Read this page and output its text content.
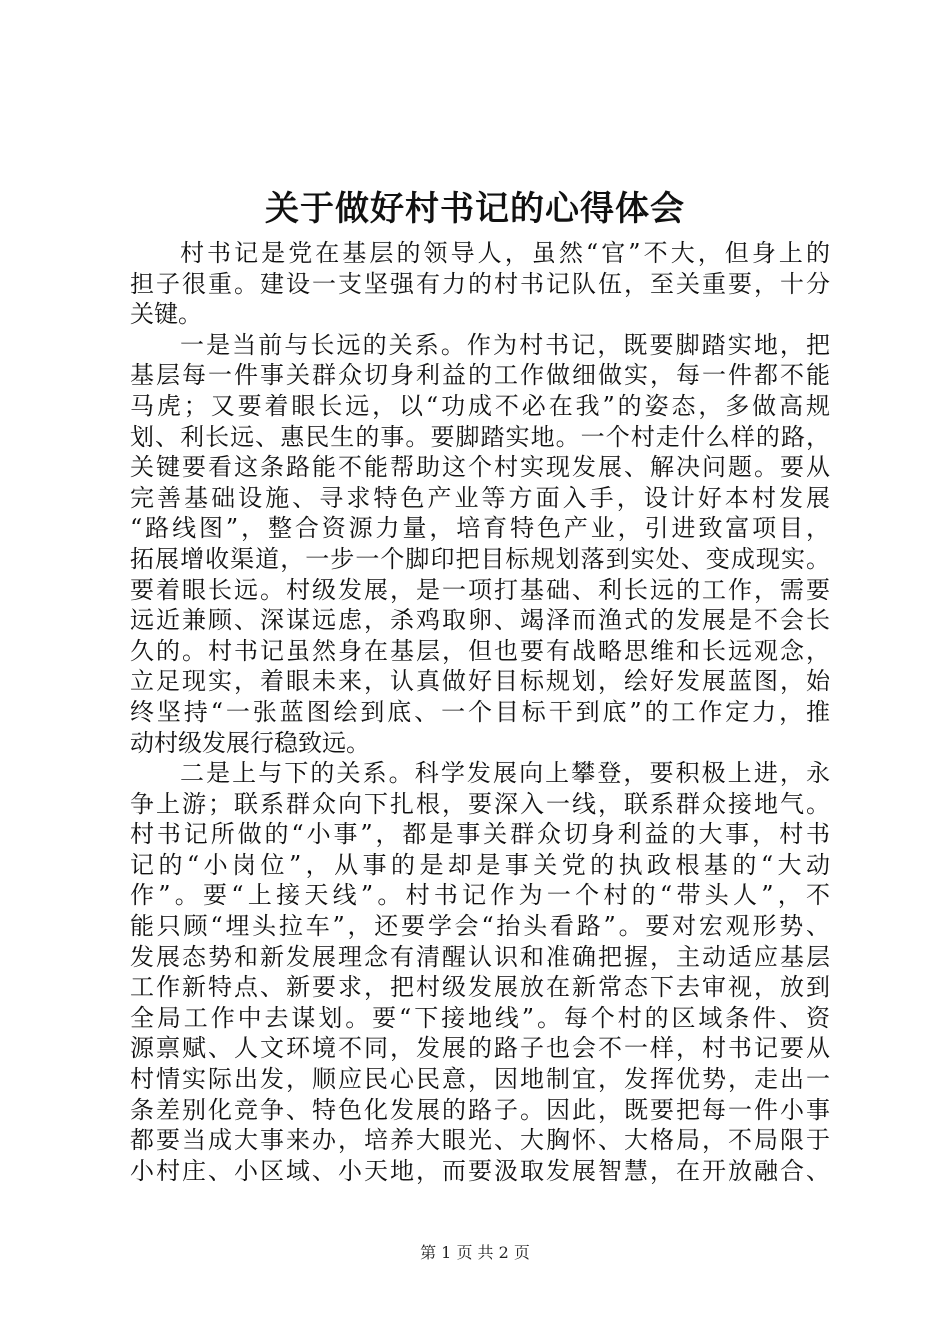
关于做好村书记的心得体会
村书记是党在基层的领导人，虽然“官”不大，但身上的
担子很重。建设一支坚强有力的村书记队伍，至关重要，十分
关键。
一是当前与长远的关系。作为村书记，既要脚踏实地，把
基层每一件事关群众切身利益的工作做细做实，每一件都不能
马虎；又要着眼长远，以“功成不必在我”的姿态，多做高规
划、利长远、惠民生的事。要脚踏实地。一个村走什么样的路，
关键要看这条路能不能帮助这个村实现发展、解决问题。要从
完善基础设施、寻求特色产业等方面入手，设计好本村发展
“路线图”，整合资源力量，培育特色产业，引进致富项目，
拓展增收渠道，一步一个脚印把目标规划落到实处、变成现实。
要着眼长远。村级发展，是一项打基础、利长远的工作，需要
远近兼顾、深谋远虑，杀鸡取卵、竭泽而渔式的发展是不会长
久的。村书记虽然身在基层，但也要有战略思维和长远观念，
立足现实，着眼未来，认真做好目标规划，绘好发展蓝图，始
终坚持“一张蓝图绘到底、一个目标干到底”的工作定力，推
动村级发展行稳致远。
二是上与下的关系。科学发展向上攀登，要积极上进，永
争上游；联系群众向下扎根，要深入一线，联系群众接地气。
村书记所做的“小事”，都是事关群众切身利益的大事，村书
记的“小岗位”，从事的是却是事关党的执政根基的“大动
作”。要“上接天线”。村书记作为一个村的“带头人”，不
能只顾“埋头拉车”，还要学会“抬头看路”。要对宏观形势、
发展态势和新发展理念有清醒认识和准确把握，主动适应基层
工作新特点、新要求，把村级发展放在新常态下去审视，放到
全局工作中去谋划。要“下接地线”。每个村的区域条件、资
源禀赋、人文环境不同，发展的路子也会不一样，村书记要从
村情实际出发，顺应民心民意，因地制宜，发挥优势，走出一
条差别化竞争、特色化发展的路子。因此，既要把每一件小事
都要当成大事来办，培养大眼光、大胸怀、大格局，不局限于
小村庄、小区域、小天地，而要汲取发展智慧，在开放融合、
第 1 页 共 2 页
